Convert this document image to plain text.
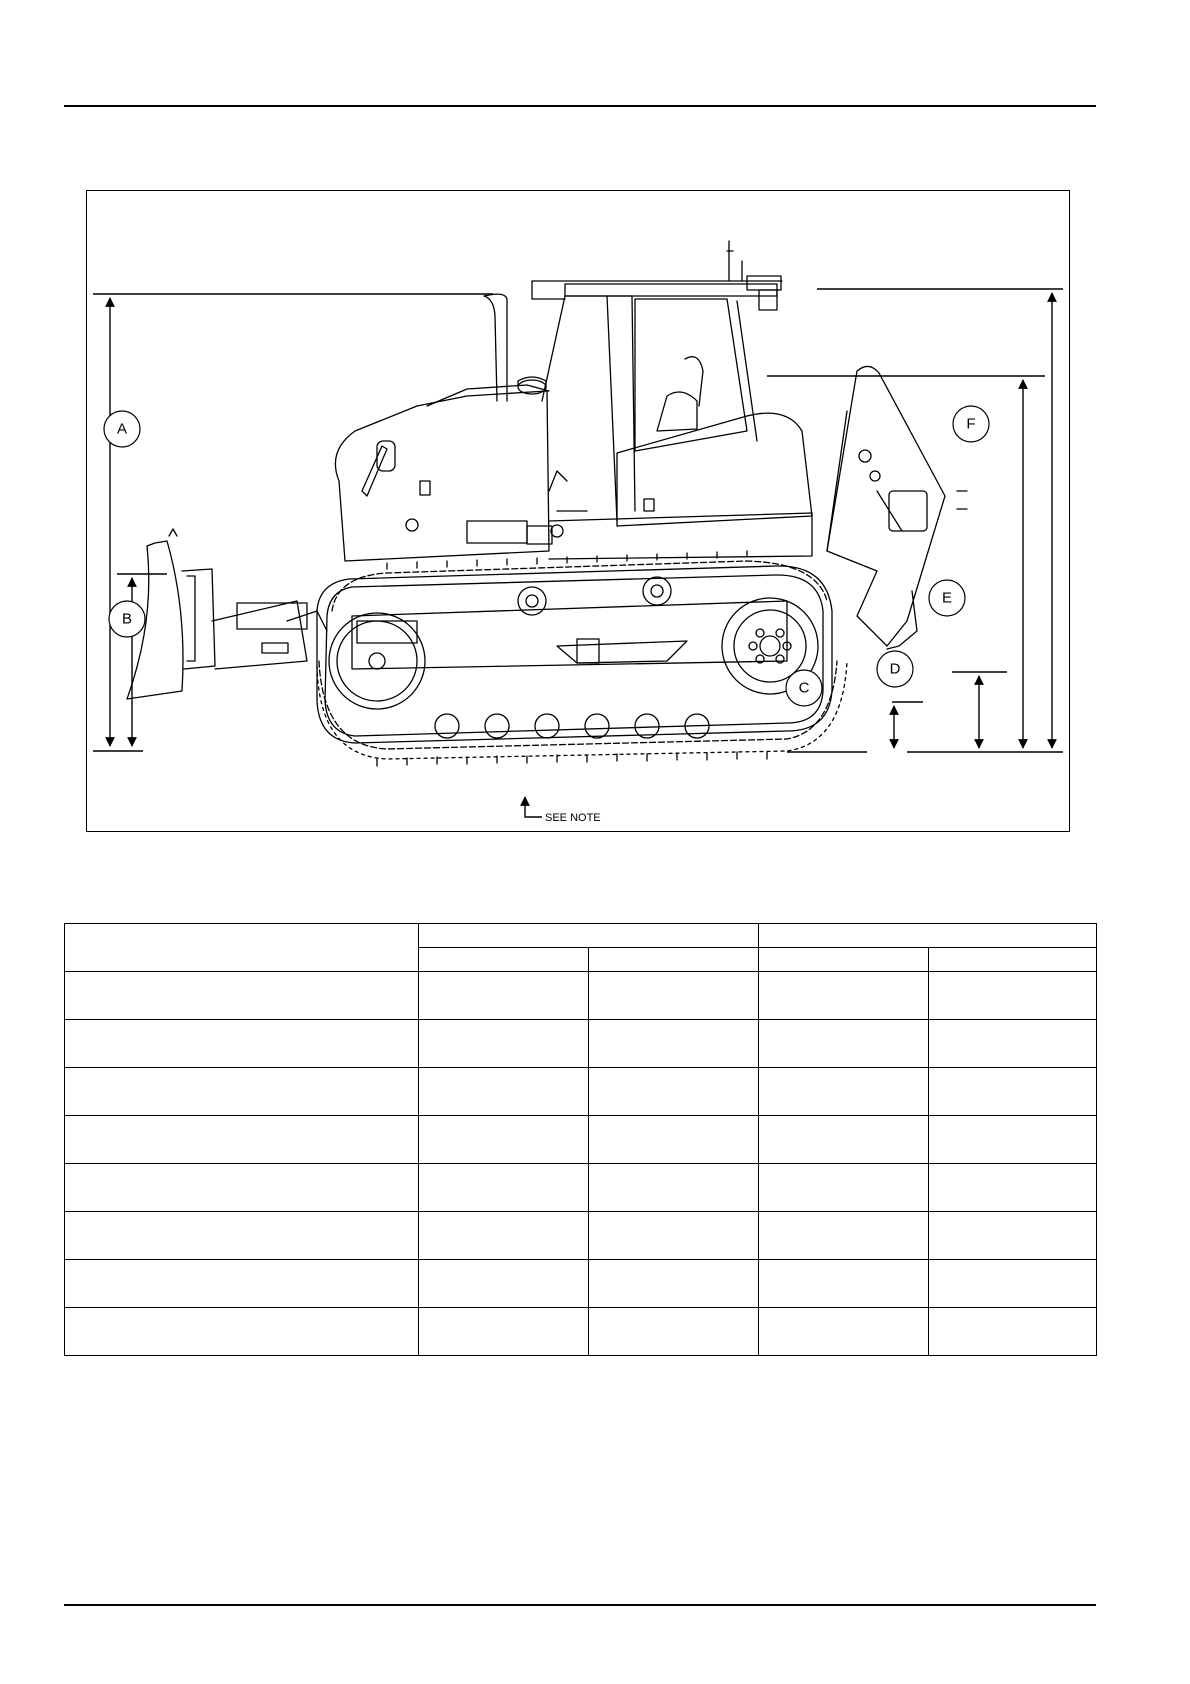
A
B
C
D
E
F
SEE NOTE
